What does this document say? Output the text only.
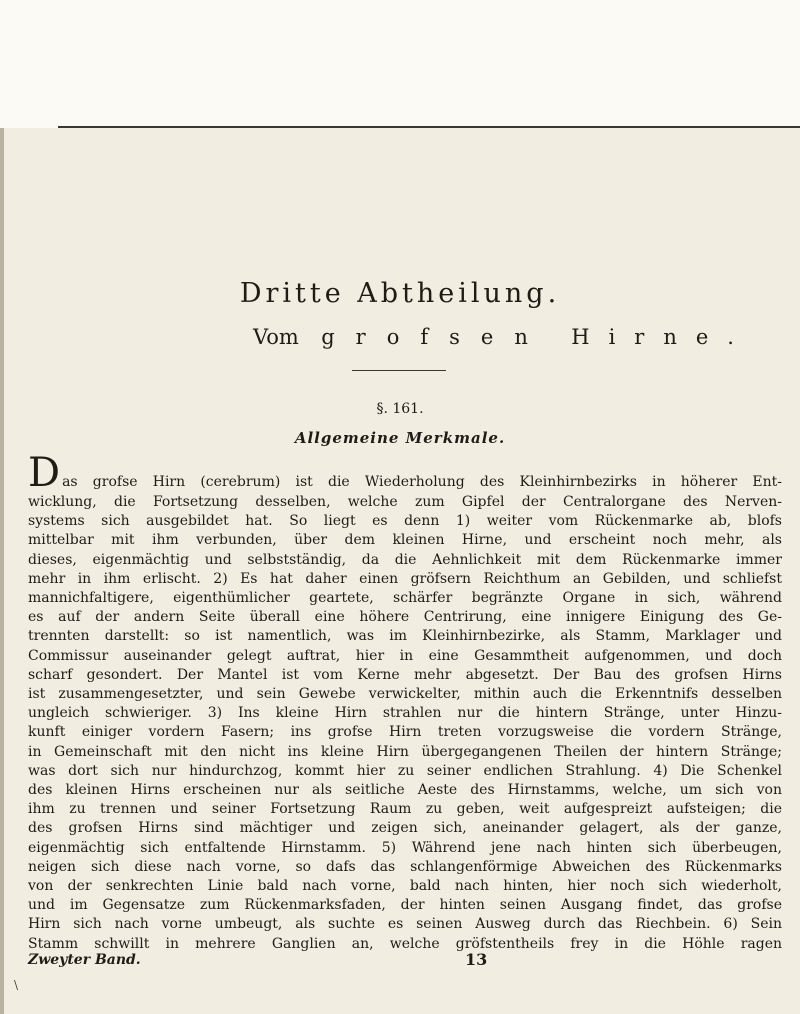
Dritte Abtheilung.
Vom grofsen Hirne.
§. 161.
Allgemeine Merkmale.
D as grofse Hirn (cerebrum) ist die Wiederholung des Kleinhirnbezirks in höherer Ent-
wicklung, die Fortsetzung desselben, welche zum Gipfel der Centralorgane des Nerven-
systems sich ausgebildet hat. So liegt es denn 1) weiter vom Rückenmarke ab, blofs
mittelbar mit ihm verbunden, über dem kleinen Hirne, und erscheint noch mehr, als
dieses, eigenmächtig und selbstständig, da die Aehnlichkeit mit dem Rückenmarke immer
mehr in ihm erlischt. 2) Es hat daher einen gröfsern Reichthum an Gebilden, und schliefst
mannichfaltigere, eigenthümlicher geartete, schärfer begränzte Organe in sich, während
es auf der andern Seite überall eine höhere Centrirung, eine innigere Einigung des Ge-
trennten darstellt: so ist namentlich, was im Kleinhirnbezirke, als Stamm, Marklager und
Commissur auseinander gelegt auftrat, hier in eine Gesammtheit aufgenommen, und doch
scharf gesondert. Der Mantel ist vom Kerne mehr abgesetzt. Der Bau des grofsen Hirns
ist zusammengesetzter, und sein Gewebe verwickelter, mithin auch die Erkenntnifs desselben
ungleich schwieriger. 3) Ins kleine Hirn strahlen nur die hintern Stränge, unter Hinzu-
kunft einiger vordern Fasern; ins grofse Hirn treten vorzugsweise die vordern Stränge,
in Gemeinschaft mit den nicht ins kleine Hirn übergegangenen Theilen der hintern Stränge;
was dort sich nur hindurchzog, kommt hier zu seiner endlichen Strahlung. 4) Die Schenkel
des kleinen Hirns erscheinen nur als seitliche Aeste des Hirnstamms, welche, um sich von
ihm zu trennen und seiner Fortsetzung Raum zu geben, weit aufgespreizt aufsteigen; die
des grofsen Hirns sind mächtiger und zeigen sich, aneinander gelagert, als der ganze,
eigenmächtig sich entfaltende Hirnstamm. 5) Während jene nach hinten sich überbeugen,
neigen sich diese nach vorne, so dafs das schlangenförmige Abweichen des Rückenmarks
von der senkrechten Linie bald nach vorne, bald nach hinten, hier noch sich wiederholt,
und im Gegensatze zum Rückenmarksfaden, der hinten seinen Ausgang findet, das grofse
Hirn sich nach vorne umbeugt, als suchte es seinen Ausweg durch das Riechbein. 6) Sein
Stamm schwillt in mehrere Ganglien an, welche gröfstentheils frey in die Höhle ragen
Zweyter Band.	13
\
